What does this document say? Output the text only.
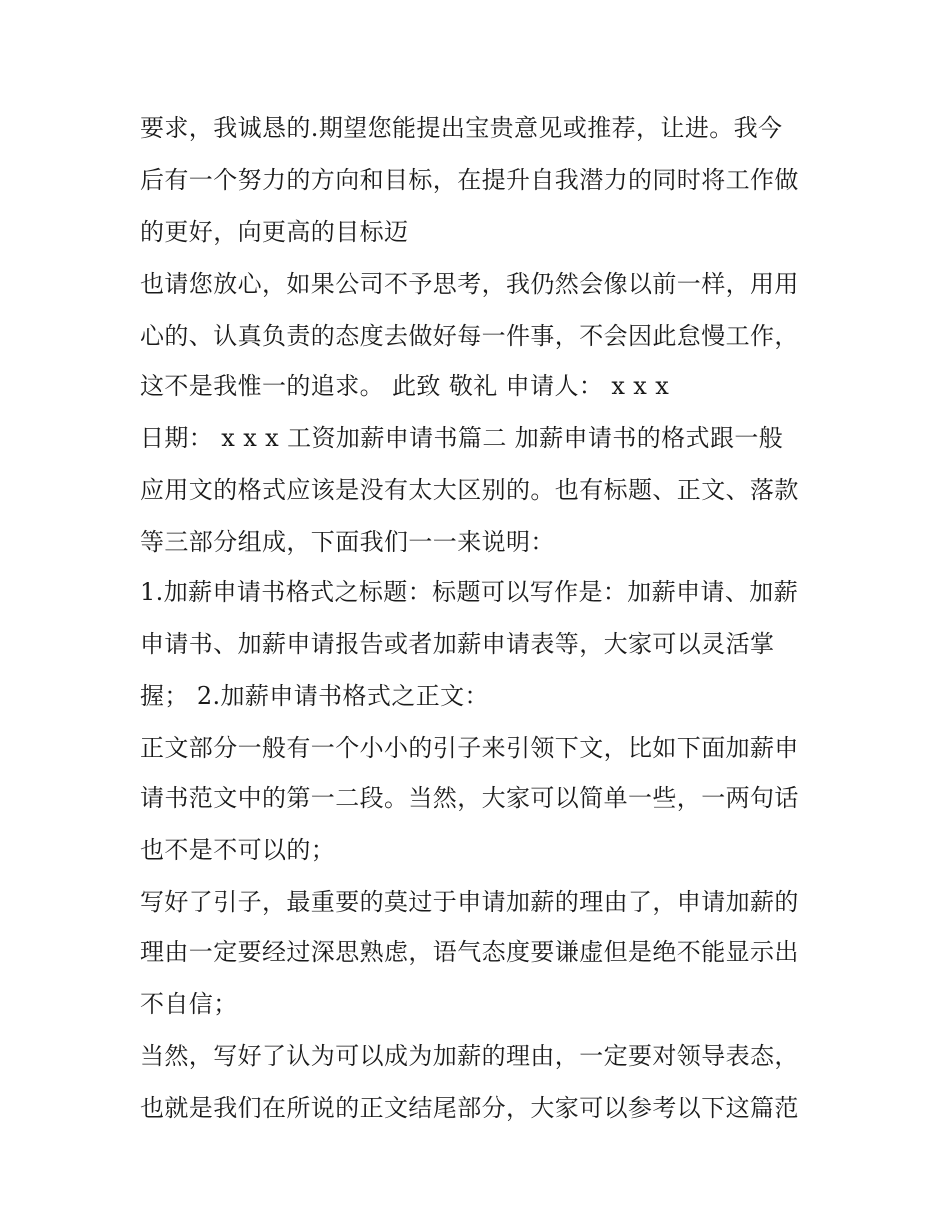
要求，我诚恳的.期望您能提出宝贵意见或推荐，让进。我今
后有一个努力的方向和目标，在提升自我潜力的同时将工作做
的更好，向更高的目标迈
也请您放心，如果公司不予思考，我仍然会像以前一样，用用
心的、认真负责的态度去做好每一件事，不会因此怠慢工作，
这不是我惟一的追求。 此致 敬礼 申请人： x x x
日期： x x x 工资加薪申请书篇二 加薪申请书的格式跟一般
应用文的格式应该是没有太大区别的。也有标题、正文、落款
等三部分组成，下面我们一一来说明：
1.加薪申请书格式之标题：标题可以写作是：加薪申请、加薪
申请书、加薪申请报告或者加薪申请表等，大家可以灵活掌
握； 2.加薪申请书格式之正文：
正文部分一般有一个小小的引子来引领下文，比如下面加薪申
请书范文中的第一二段。当然，大家可以简单一些，一两句话
也不是不可以的；
写好了引子，最重要的莫过于申请加薪的理由了，申请加薪的
理由一定要经过深思熟虑，语气态度要谦虚但是绝不能显示出
不自信；
当然，写好了认为可以成为加薪的理由，一定要对领导表态，
也就是我们在所说的正文结尾部分，大家可以参考以下这篇范
